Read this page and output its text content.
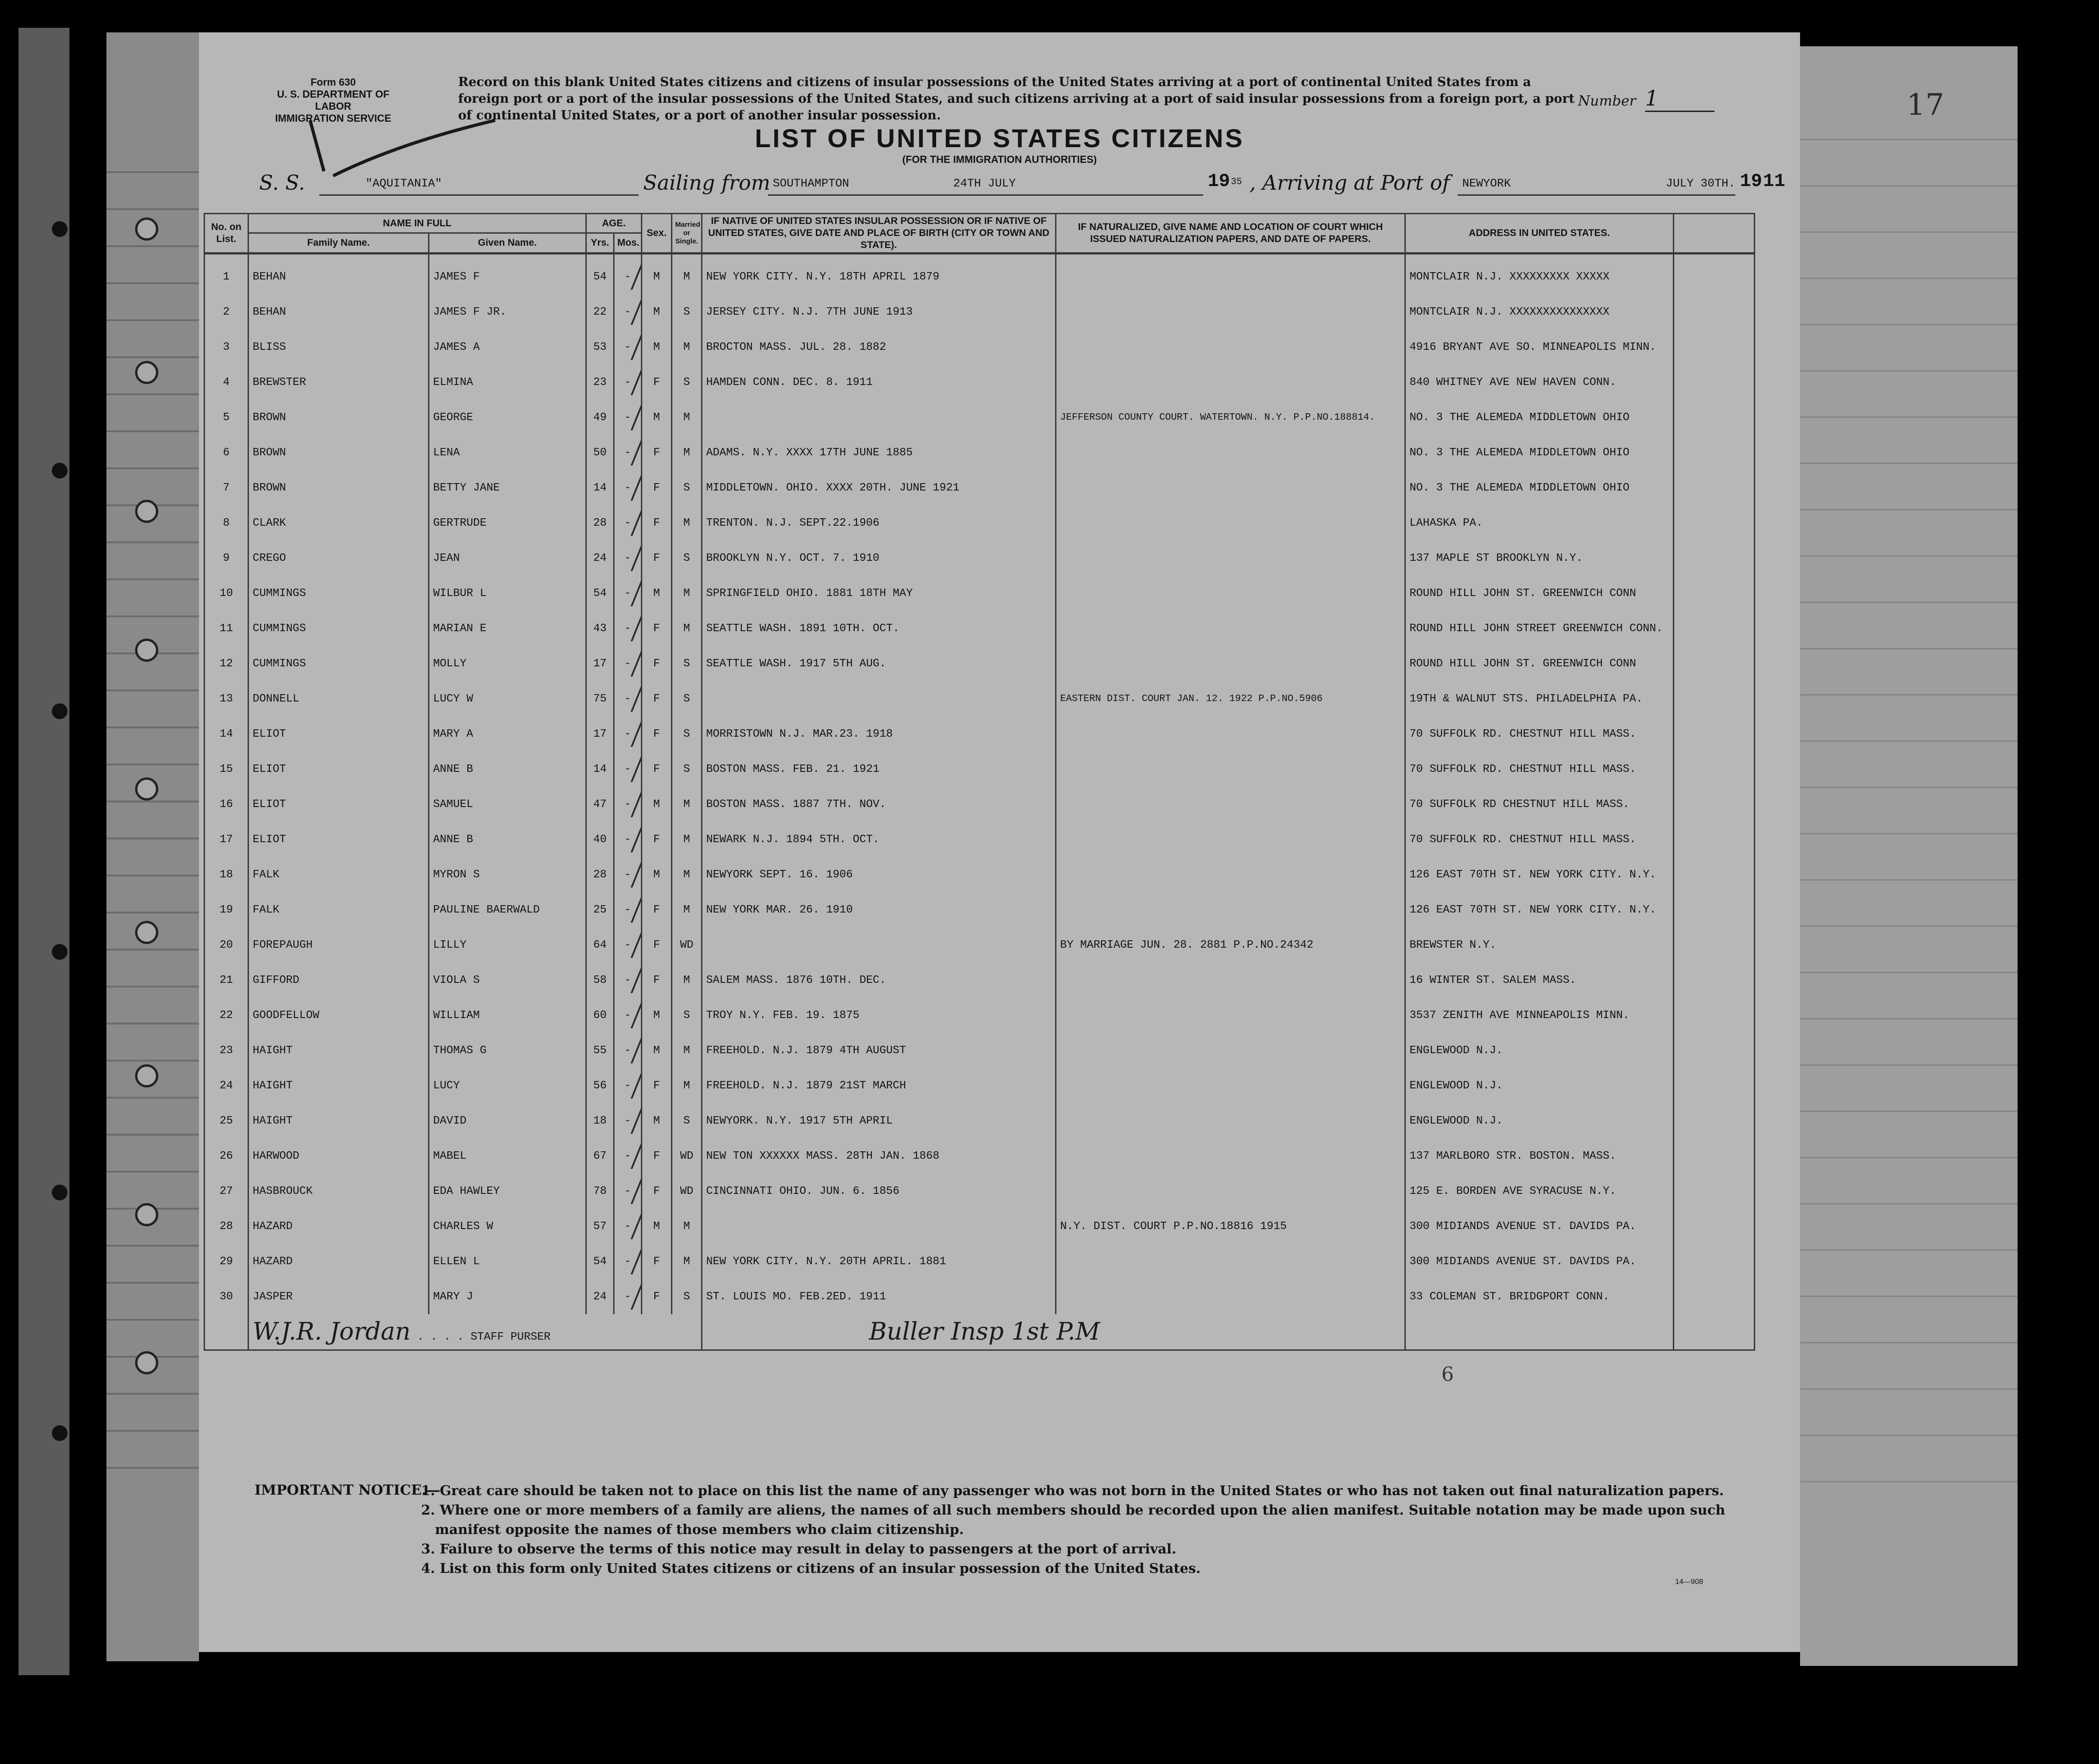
17
Form 630
U. S. DEPARTMENT OF LABOR
IMMIGRATION SERVICE
Record on this blank United States citizens and citizens of insular possessions of the United States arriving at a port of continental United States from a foreign port or a port of the insular possessions of the United States, and such citizens arriving at a port of said insular possessions from a foreign port, a port of continental United States, or a port of another insular possession.
Number 1
LIST OF UNITED STATES CITIZENS
(FOR THE IMMIGRATION AUTHORITIES)
S. S.	"AQUITANIA"	Sailing from SOUTHAMPTON	24TH JULY	19 35 , Arriving at Port of NEWYORK	JULY 30TH. 19 11
No. on List.	NAME IN FULL		AGE.		Sex.	Married or Single.	IF NATIVE OF UNITED STATES INSULAR POSSESSION OR IF NATIVE OF UNITED STATES, GIVE DATE AND PLACE OF BIRTH (CITY OR TOWN AND STATE).	IF NATURALIZED, GIVE NAME AND LOCATION OF COURT WHICH ISSUED NATURALIZATION PAPERS, AND DATE OF PAPERS.	ADDRESS IN UNITED STATES.	
	Family Name.	Given Name.	Yrs.	Mos.						

1	BEHAN	JAMES F	54	-	M	M	NEW YORK CITY. N.Y. 18TH APRIL 1879		MONTCLAIR N.J. XXXXXXXXX XXXXX	
2	BEHAN	JAMES F JR.	22	-	M	S	JERSEY CITY. N.J. 7TH JUNE 1913		MONTCLAIR N.J. XXXXXXXXXXXXXXX	
3	BLISS	JAMES A	53	-	M	M	BROCTON MASS. JUL. 28. 1882		4916 BRYANT AVE SO. MINNEAPOLIS MINN.	
4	BREWSTER	ELMINA	23	-	F	S	HAMDEN CONN. DEC. 8. 1911		840 WHITNEY AVE NEW HAVEN CONN.	
5	BROWN	GEORGE	49	-	M	M		JEFFERSON COUNTY COURT. WATERTOWN. N.Y. P.P.NO.188814.	NO. 3 THE ALEMEDA MIDDLETOWN OHIO	
6	BROWN	LENA	50	-	F	M	ADAMS. N.Y. XXXX 17TH JUNE 1885		NO. 3 THE ALEMEDA MIDDLETOWN OHIO	
7	BROWN	BETTY JANE	14	-	F	S	MIDDLETOWN. OHIO. XXXX 20TH. JUNE 1921		NO. 3 THE ALEMEDA MIDDLETOWN OHIO	
8	CLARK	GERTRUDE	28	-	F	M	TRENTON. N.J. SEPT.22.1906		LAHASKA PA.	
9	CREGO	JEAN	24	-	F	S	BROOKLYN N.Y. OCT. 7. 1910		137 MAPLE ST BROOKLYN N.Y.	
10	CUMMINGS	WILBUR L	54	-	M	M	SPRINGFIELD OHIO. 1881 18TH MAY		ROUND HILL JOHN ST. GREENWICH CONN	
11	CUMMINGS	MARIAN E	43	-	F	M	SEATTLE WASH. 1891 10TH. OCT.		ROUND HILL JOHN STREET GREENWICH CONN.	
12	CUMMINGS	MOLLY	17	-	F	S	SEATTLE WASH. 1917 5TH AUG.		ROUND HILL JOHN ST. GREENWICH CONN	
13	DONNELL	LUCY W	75	-	F	S		EASTERN DIST. COURT JAN. 12. 1922 P.P.NO.5906	19TH & WALNUT STS. PHILADELPHIA PA.	
14	ELIOT	MARY A	17	-	F	S	MORRISTOWN N.J. MAR.23. 1918		70 SUFFOLK RD. CHESTNUT HILL MASS.	
15	ELIOT	ANNE B	14	-	F	S	BOSTON MASS. FEB. 21. 1921		70 SUFFOLK RD. CHESTNUT HILL MASS.	
16	ELIOT	SAMUEL	47	-	M	M	BOSTON MASS. 1887 7TH. NOV.		70 SUFFOLK RD CHESTNUT HILL MASS.	
17	ELIOT	ANNE B	40	-	F	M	NEWARK N.J. 1894 5TH. OCT.		70 SUFFOLK RD. CHESTNUT HILL MASS.	
18	FALK	MYRON S	28	-	M	M	NEWYORK SEPT. 16. 1906		126 EAST 70TH ST. NEW YORK CITY. N.Y.	
19	FALK	PAULINE BAERWALD	25	-	F	M	NEW YORK MAR. 26. 1910		126 EAST 70TH ST. NEW YORK CITY. N.Y.	
20	FOREPAUGH	LILLY	64	-	F	WD		BY MARRIAGE JUN. 28. 2881 P.P.NO.24342	BREWSTER N.Y.	
21	GIFFORD	VIOLA S	58	-	F	M	SALEM MASS. 1876 10TH. DEC.		16 WINTER ST. SALEM MASS.	
22	GOODFELLOW	WILLIAM	60	-	M	S	TROY N.Y. FEB. 19. 1875		3537 ZENITH AVE MINNEAPOLIS MINN.	
23	HAIGHT	THOMAS G	55	-	M	M	FREEHOLD. N.J. 1879 4TH AUGUST		ENGLEWOOD N.J.	
24	HAIGHT	LUCY	56	-	F	M	FREEHOLD. N.J. 1879 21ST MARCH		ENGLEWOOD N.J.	
25	HAIGHT	DAVID	18	-	M	S	NEWYORK. N.Y. 1917 5TH APRIL		ENGLEWOOD N.J.	
26	HARWOOD	MABEL	67	-	F	WD	NEW TON XXXXXX MASS. 28TH JAN. 1868		137 MARLBORO STR. BOSTON. MASS.	
27	HASBROUCK	EDA HAWLEY	78	-	F	WD	CINCINNATI OHIO. JUN. 6. 1856		125 E. BORDEN AVE SYRACUSE N.Y.	
28	HAZARD	CHARLES W	57	-	M	M		N.Y. DIST. COURT P.P.NO.18816 1915	300 MIDIANDS AVENUE ST. DAVIDS PA.	
29	HAZARD	ELLEN L	54	-	F	M	NEW YORK CITY. N.Y. 20TH APRIL. 1881		300 MIDIANDS AVENUE ST. DAVIDS PA.	
30	JASPER	MARY J	24	-	F	S	ST. LOUIS MO. FEB.2ED. 1911		33 COLEMAN ST. BRIDGPORT CONN.	
	W.J.R. Jordan . . . . STAFF PURSER						Buller Insp 1st P.M			
6
IMPORTANT NOTICE.—
1. Great care should be taken not to place on this list the name of any passenger who was not born in the United States or who has not taken out final naturalization papers.
2. Where one or more members of a family are aliens, the names of all such members should be recorded upon the alien manifest. Suitable notation may be made upon such manifest opposite the names of those members who claim citizenship.
3. Failure to observe the terms of this notice may result in delay to passengers at the port of arrival.
4. List on this form only United States citizens or citizens of an insular possession of the United States.
14—908
